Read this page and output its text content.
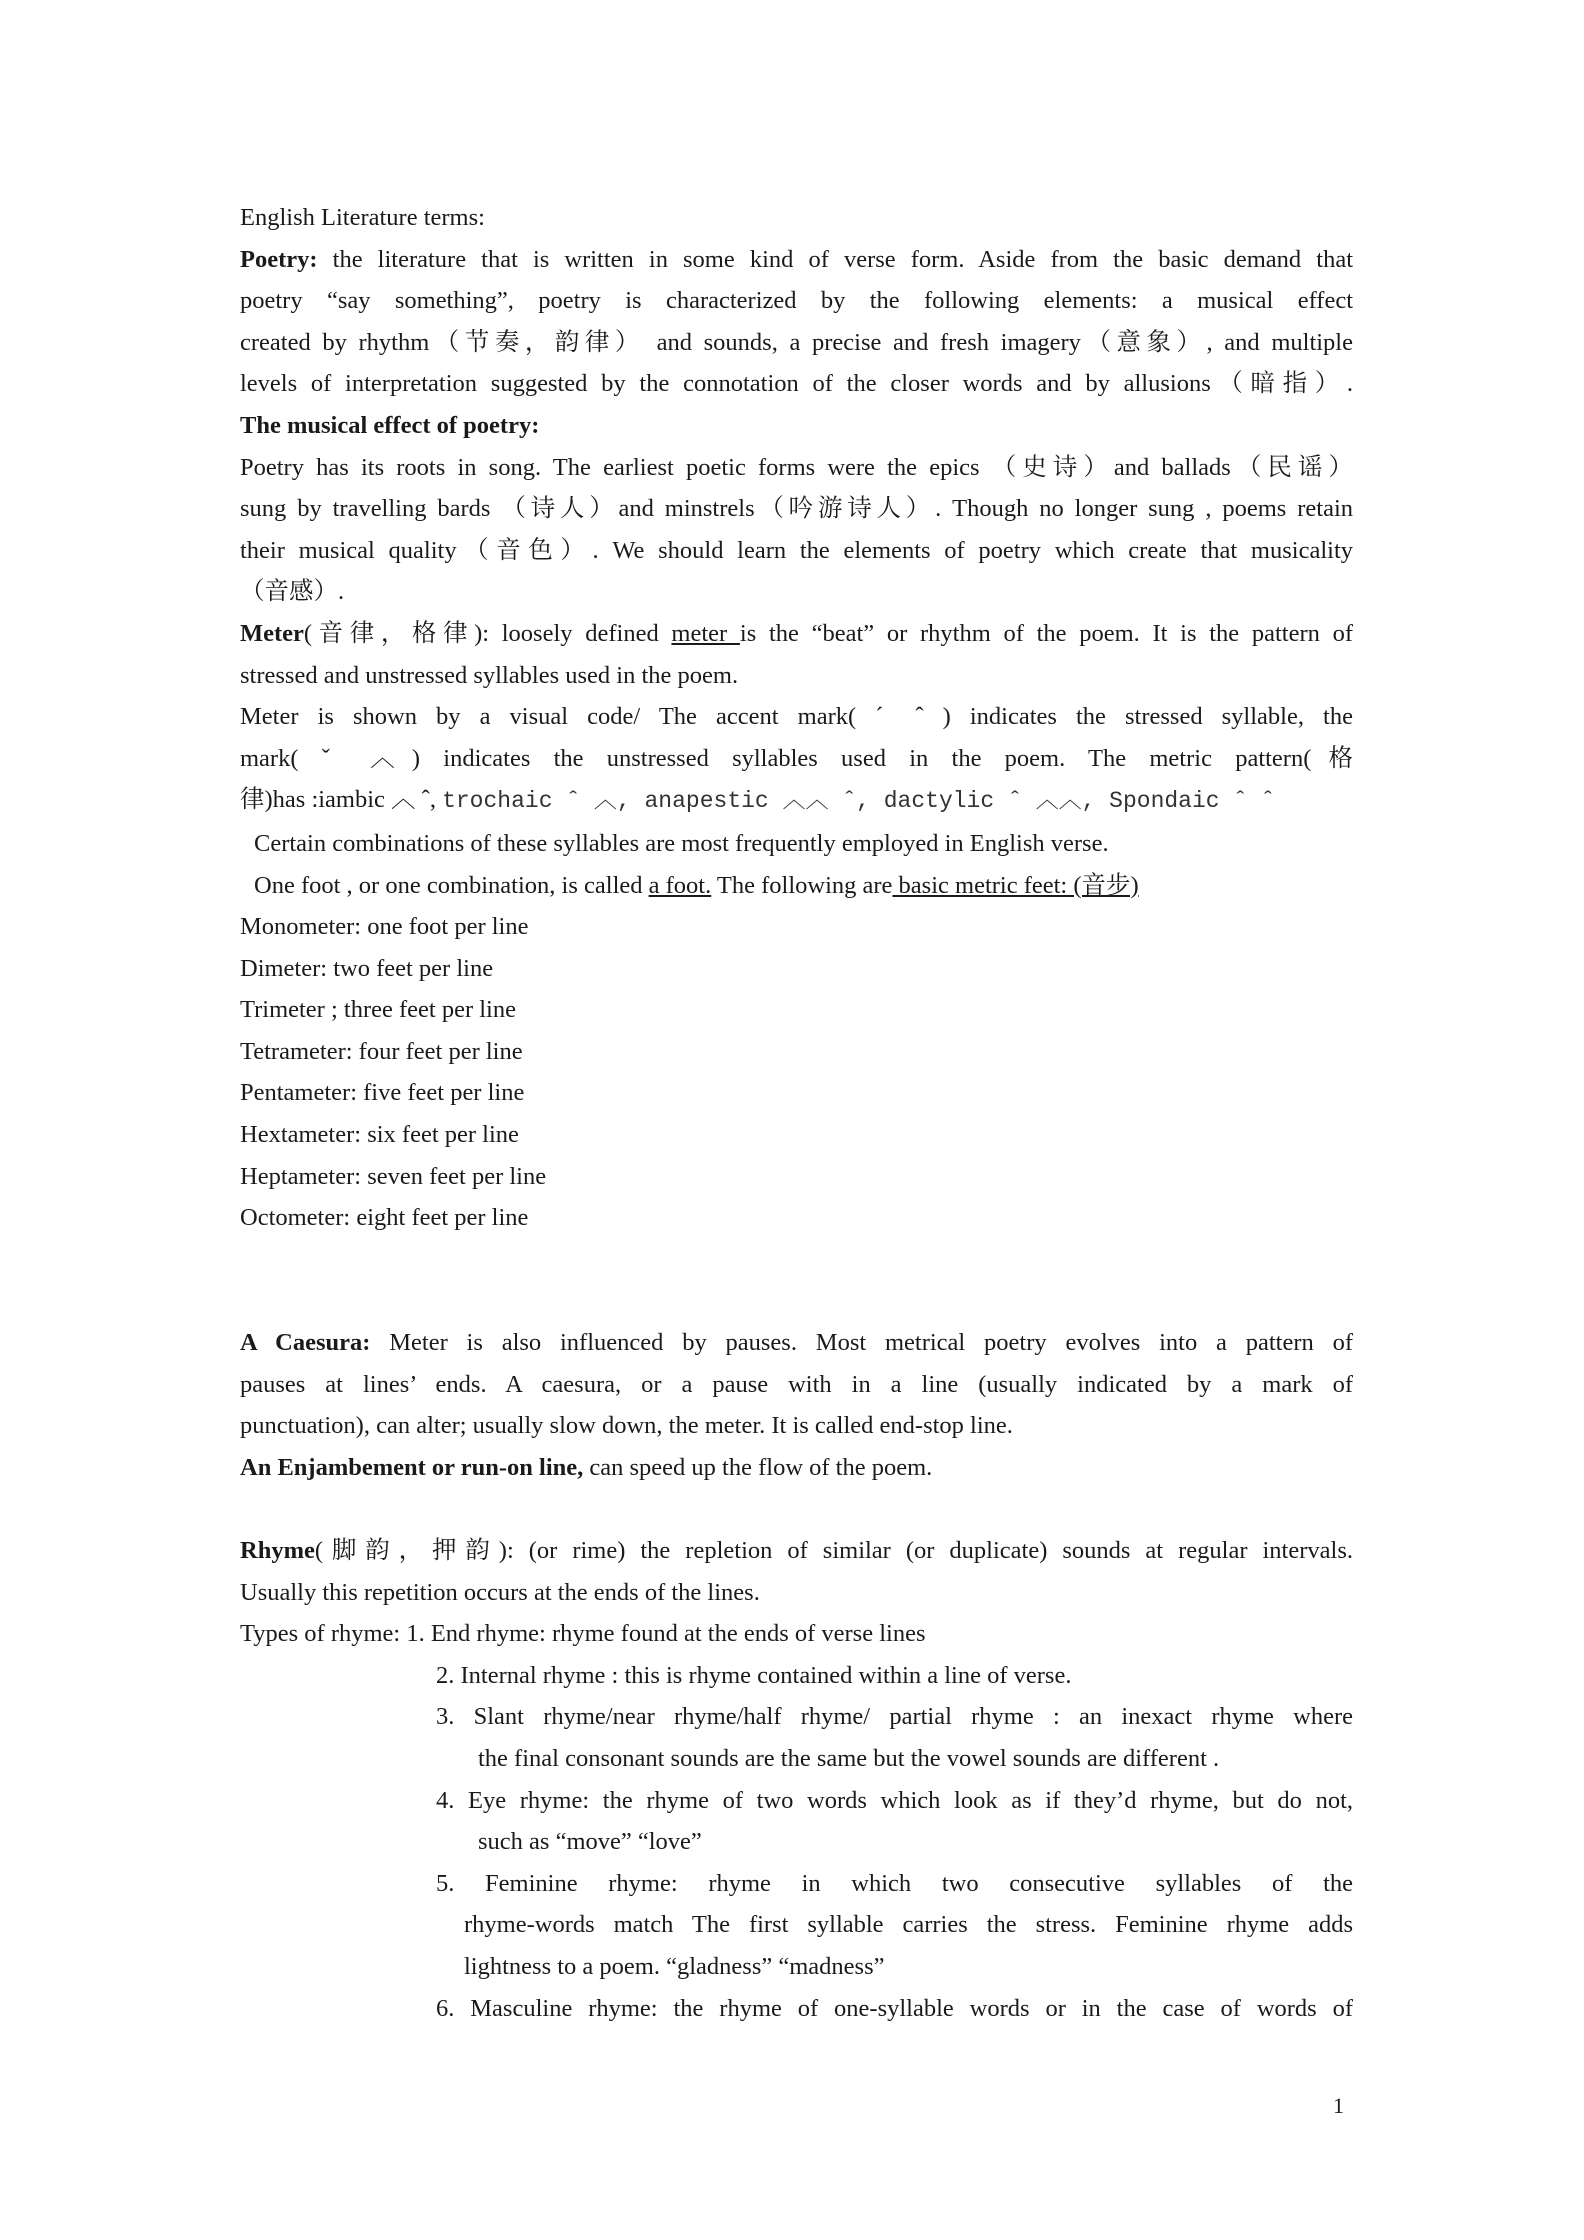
English Literature terms:
Poetry: the literature that is written in some kind of verse form. Aside from the basic demand that
poetry “say something”, poetry is characterized by the following elements: a musical effect
created by rhythm（节奏，韵律） and sounds, a precise and fresh imagery（意象）, and multiple
levels of interpretation suggested by the connotation of the closer words and by allusions（暗指）.
The musical effect of poetry:
Poetry has its roots in song. The earliest poetic forms were the epics （史诗）and ballads（民谣）
sung by travelling bards （诗人）and minstrels（吟游诗人）. Though no longer sung , poems retain
their musical quality（音色）. We should learn the elements of poetry which create that musicality
（音感）.
Meter(音律，格律): loosely defined meter is the “beat” or rhythm of the poem. It is the pattern of
stressed and unstressed syllables used in the poem.
Meter is shown by a visual code/ The accent mark( ˊ ˆ ) indicates the stressed syllable, the
mark( ˇ ︿) indicates the unstressed syllables used in the poem. The metric pattern(格
律)has :iambic ︿ ˆ, trochaic ˆ ︿, anapestic ︿︿ ˆ, dactylic ˆ ︿︿, Spondaic ˆ ˆ
Certain combinations of these syllables are most frequently employed in English verse.
One foot , or one combination, is called a foot. The following are basic metric feet: (音步)
Monometer: one foot per line
Dimeter: two feet per line
Trimeter ; three feet per line
Tetrameter: four feet per line
Pentameter: five feet per line
Hextameter: six feet per line
Heptameter: seven feet per line
Octometer: eight feet per line
A Caesura: Meter is also influenced by pauses. Most metrical poetry evolves into a pattern of
pauses at lines’ ends. A caesura, or a pause with in a line (usually indicated by a mark of
punctuation), can alter; usually slow down, the meter. It is called end-stop line.
An Enjambement or run-on line, can speed up the flow of the poem.
Rhyme(脚韵，押韵): (or rime) the repletion of similar (or duplicate) sounds at regular intervals.
Usually this repetition occurs at the ends of the lines.
Types of rhyme: 1. End rhyme: rhyme found at the ends of verse lines
2. Internal rhyme : this is rhyme contained within a line of verse.
3. Slant rhyme/near rhyme/half rhyme/ partial rhyme : an inexact rhyme where
the final consonant sounds are the same but the vowel sounds are different .
4. Eye rhyme: the rhyme of two words which look as if they’d rhyme, but do not,
such as “move” “love”
5. Feminine rhyme: rhyme in which two consecutive syllables of the
rhyme-words match The first syllable carries the stress. Feminine rhyme adds
lightness to a poem. “gladness” “madness”
6. Masculine rhyme: the rhyme of one-syllable words or in the case of words of
1
